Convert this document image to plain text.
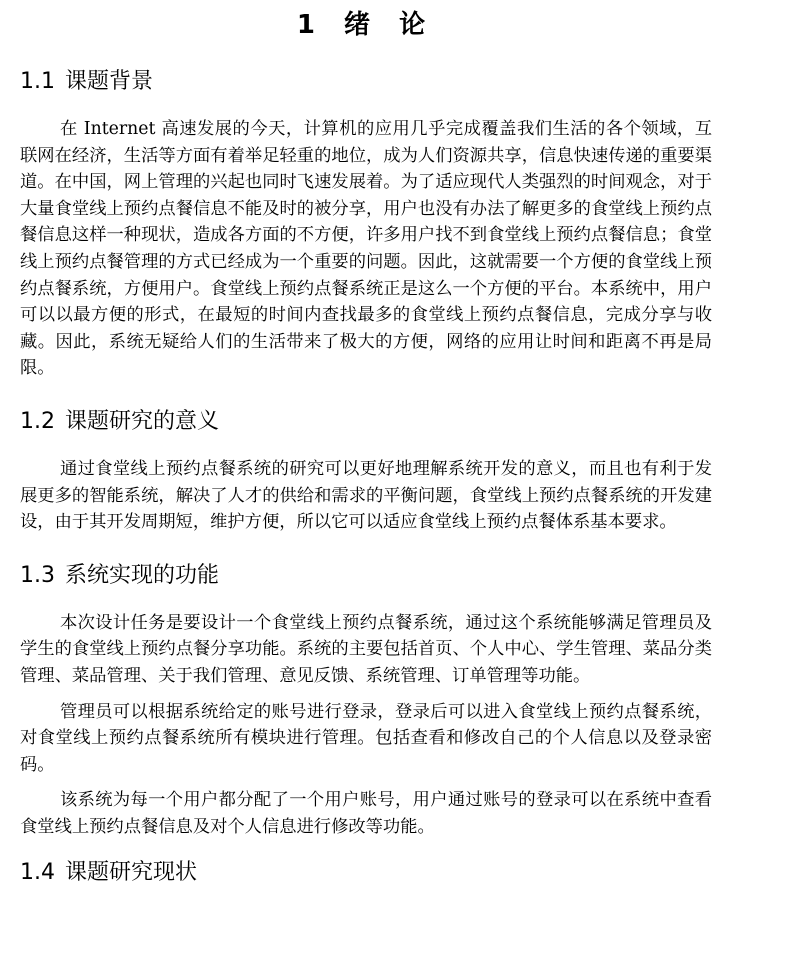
1 绪 论
1.1 课题背景

在 Internet 高速发展的今天，计算机的应用几乎完成覆盖我们生活的各个领域，互联网在经济，生活等方面有着举足轻重的地位，成为人们资源共享，信息快速传递的重要渠道。在中国，网上管理的兴起也同时飞速发展着。为了适应现代人类强烈的时间观念，对于大量食堂线上预约点餐信息不能及时的被分享，用户也没有办法了解更多的食堂线上预约点餐信息这样一种现状，造成各方面的不方便，许多用户找不到食堂线上预约点餐信息；食堂线上预约点餐管理的方式已经成为一个重要的问题。因此，这就需要一个方便的食堂线上预约点餐系统，方便用户。食堂线上预约点餐系统正是这么一个方便的平台。本系统中，用户可以以最方便的形式，在最短的时间内查找最多的食堂线上预约点餐信息，完成分享与收藏。因此，系统无疑给人们的生活带来了极大的方便，网络的应用让时间和距离不再是局限。

1.2 课题研究的意义

通过食堂线上预约点餐系统的研究可以更好地理解系统开发的意义，而且也有利于发展更多的智能系统，解决了人才的供给和需求的平衡问题，食堂线上预约点餐系统的开发建设，由于其开发周期短，维护方便，所以它可以适应食堂线上预约点餐体系基本要求。

1.3 系统实现的功能

本次设计任务是要设计一个食堂线上预约点餐系统，通过这个系统能够满足管理员及学生的食堂线上预约点餐分享功能。系统的主要包括首页、个人中心、学生管理、菜品分类管理、菜品管理、关于我们管理、意见反馈、系统管理、订单管理等功能。

管理员可以根据系统给定的账号进行登录，登录后可以进入食堂线上预约点餐系统，对食堂线上预约点餐系统所有模块进行管理。包括查看和修改自己的个人信息以及登录密码。

该系统为每一个用户都分配了一个用户账号，用户通过账号的登录可以在系统中查看食堂线上预约点餐信息及对个人信息进行修改等功能。

1.4 课题研究现状
